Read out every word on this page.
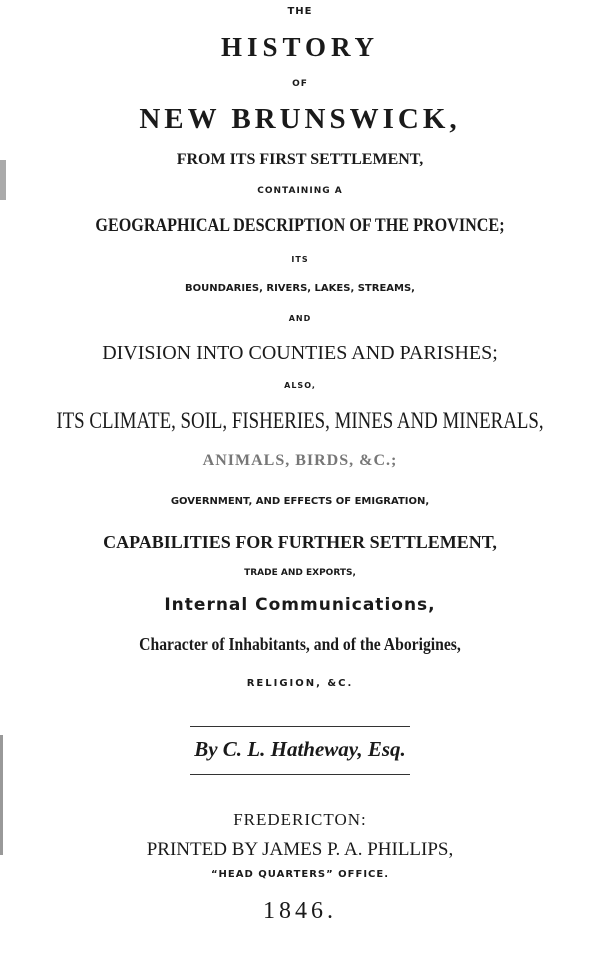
THE
HISTORY
OF
NEW BRUNSWICK,
FROM ITS FIRST SETTLEMENT,
CONTAINING A
GEOGRAPHICAL DESCRIPTION OF THE PROVINCE;
ITS
BOUNDARIES, RIVERS, LAKES, STREAMS,
AND
DIVISION INTO COUNTIES AND PARISHES;
ALSO,
ITS CLIMATE, SOIL, FISHERIES, MINES AND MINERALS,
ANIMALS, BIRDS, &C.;
GOVERNMENT, AND EFFECTS OF EMIGRATION,
CAPABILITIES FOR FURTHER SETTLEMENT,
TRADE AND EXPORTS,
Internal Communications,
Character of Inhabitants, and of the Aborigines,
RELIGION, &C.
By C. L. Hatheway, Esq.
FREDERICTON:
PRINTED BY JAMES P. A. PHILLIPS,
“HEAD QUARTERS” OFFICE.
1846.
